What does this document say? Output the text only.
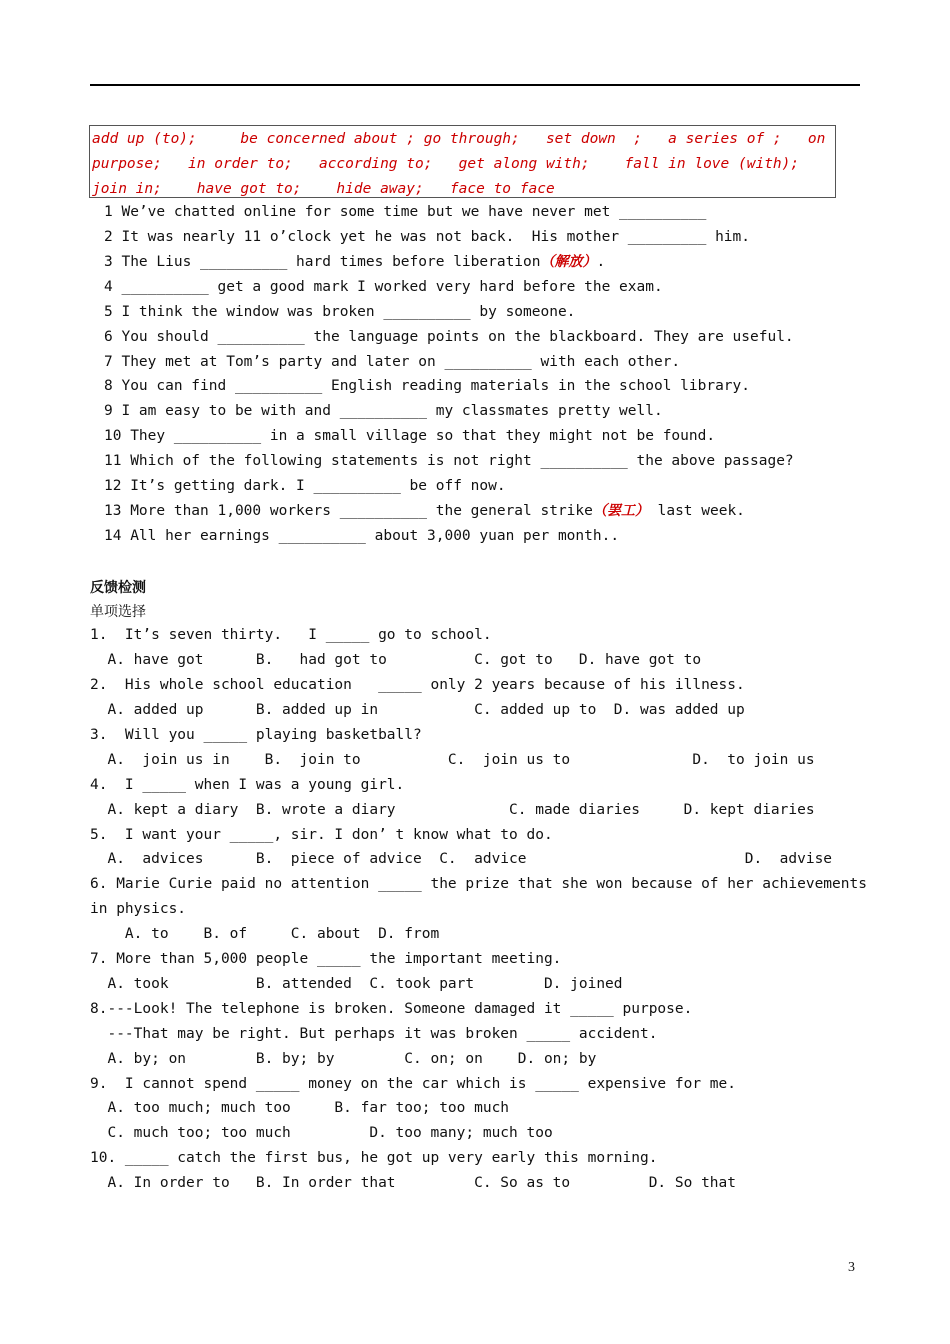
add up (to);     be concerned about ; go through;   set down  ;   a series of ;   on
purpose;   in order to;   according to;   get along with;    fall in love (with);
join in;    have got to;    hide away;   face to face
1 We’ve chatted online for some time but we have never met __________
2 It was nearly 11 o’clock yet he was not back.  His mother _________ him.
3 The Lius __________ hard times before liberation（解放）.
4 __________ get a good mark I worked very hard before the exam.
5 I think the window was broken __________ by someone.
6 You should __________ the language points on the blackboard. They are useful.
7 They met at Tom’s party and later on __________ with each other.
8 You can find __________ English reading materials in the school library.
9 I am easy to be with and __________ my classmates pretty well.
10 They __________ in a small village so that they might not be found.
11 Which of the following statements is not right __________ the above passage?
12 It’s getting dark. I __________ be off now.
13 More than 1,000 workers __________ the general strike（罢工） last week.
14 All her earnings __________ about 3,000 yuan per month..
反馈检测
单项选择
1.  It’s seven thirty.   I _____ go to school.
A. have got      B.   had got to          C. got to   D. have got to
2.  His whole school education   _____ only 2 years because of his illness.
A. added up      B. added up in           C. added up to  D. was added up
3.  Will you _____ playing basketball?
A.  join us in    B.  join to          C.  join us to              D.  to join us
4.  I _____ when I was a young girl.
A. kept a diary  B. wrote a diary             C. made diaries     D. kept diaries
5.  I want your _____, sir. I don’ t know what to do.
A.  advices      B.  piece of advice  C.  advice                         D.  advise
6. Marie Curie paid no attention _____ the prize that she won because of her achievements
in physics.
A. to    B. of     C. about  D. from
7. More than 5,000 people _____ the important meeting.
A. took          B. attended  C. took part        D. joined
8.---Look! The telephone is broken. Someone damaged it _____ purpose.
---That may be right. But perhaps it was broken _____ accident.
A. by; on        B. by; by        C. on; on    D. on; by
9.  I cannot spend _____ money on the car which is _____ expensive for me.
A. too much; much too     B. far too; too much
C. much too; too much         D. too many; much too
10. _____ catch the first bus, he got up very early this morning.
A. In order to   B. In order that         C. So as to         D. So that
3
